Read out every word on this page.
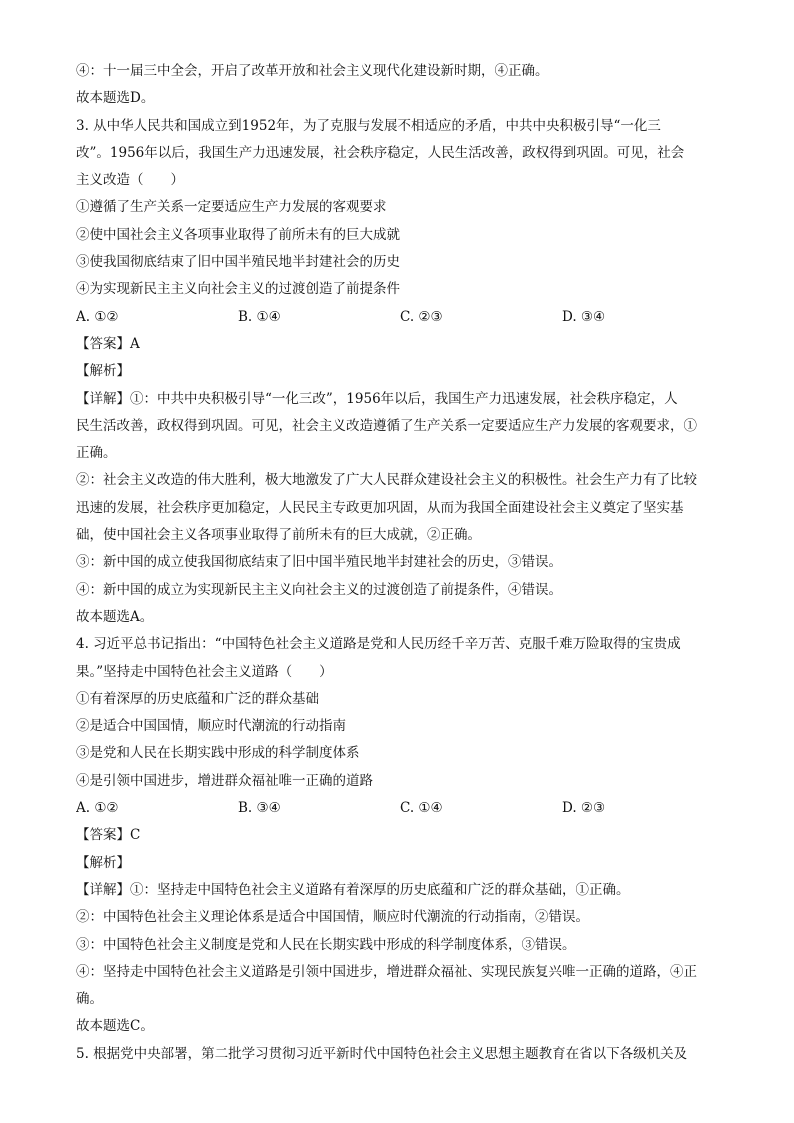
④：十一届三中全会，开启了改革开放和社会主义现代化建设新时期，④正确。
故本题选D。
3. 从中华人民共和国成立到1952年，为了克服与发展不相适应的矛盾，中共中央积极引导“一化三
改”。1956年以后，我国生产力迅速发展，社会秩序稳定，人民生活改善，政权得到巩固。可见，社会
主义改造（　　）
①遵循了生产关系一定要适应生产力发展的客观要求
②使中国社会主义各项事业取得了前所未有的巨大成就
③使我国彻底结束了旧中国半殖民地半封建社会的历史
④为实现新民主主义向社会主义的过渡创造了前提条件
A. ①②	B. ①④	C. ②③	D. ③④
【答案】A
【解析】
【详解】①：中共中央积极引导“一化三改”，1956年以后，我国生产力迅速发展，社会秩序稳定，人
民生活改善，政权得到巩固。可见，社会主义改造遵循了生产关系一定要适应生产力发展的客观要求，①
正确。
②：社会主义改造的伟大胜利，极大地激发了广大人民群众建设社会主义的积极性。社会生产力有了比较
迅速的发展，社会秩序更加稳定，人民民主专政更加巩固，从而为我国全面建设社会主义奠定了坚实基
础，使中国社会主义各项事业取得了前所未有的巨大成就，②正确。
③：新中国的成立使我国彻底结束了旧中国半殖民地半封建社会的历史，③错误。
④：新中国的成立为实现新民主主义向社会主义的过渡创造了前提条件，④错误。
故本题选A。
4. 习近平总书记指出：“中国特色社会主义道路是党和人民历经千辛万苦、克服千难万险取得的宝贵成
果。”坚持走中国特色社会主义道路（　　）
①有着深厚的历史底蕴和广泛的群众基础
②是适合中国国情，顺应时代潮流的行动指南
③是党和人民在长期实践中形成的科学制度体系
④是引领中国进步，增进群众福祉唯一正确的道路
A. ①②	B. ③④	C. ①④	D. ②③
【答案】C
【解析】
【详解】①：坚持走中国特色社会主义道路有着深厚的历史底蕴和广泛的群众基础，①正确。
②：中国特色社会主义理论体系是适合中国国情，顺应时代潮流的行动指南，②错误。
③：中国特色社会主义制度是党和人民在长期实践中形成的科学制度体系，③错误。
④：坚持走中国特色社会主义道路是引领中国进步，增进群众福祉、实现民族复兴唯一正确的道路，④正
确。
故本题选C。
5. 根据党中央部署，第二批学习贯彻习近平新时代中国特色社会主义思想主题教育在省以下各级机关及
